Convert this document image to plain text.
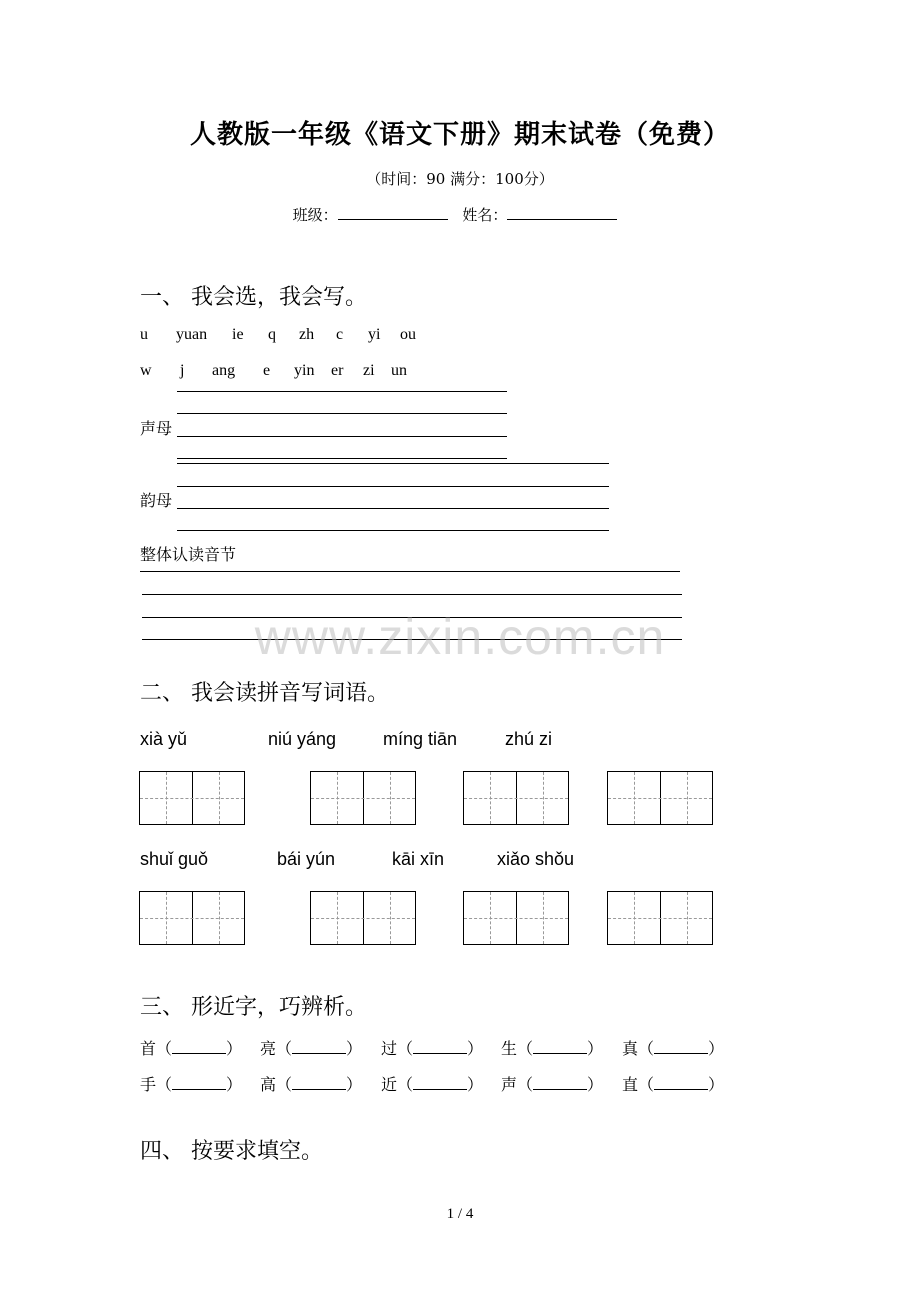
人教版一年级《语文下册》期末试卷（免费）
（时间：90 满分：100分）
班级：	姓名：
一、 我会选，我会写。
u yuan ie q zh c yi ou
w j ang e yin er zi un
声母
韵母
整体认读音节
www.zixin.com.cn
二、 我会读拼音写词语。
xià yǔ	niú yáng	míng tiān	zhú zi
shuǐ guǒ	bái yún	kāi xīn	xiǎo shǒu
三、 形近字，巧辨析。
首（	） 亮（	） 过（	） 生（	） 真（	）
手（	） 高（	） 近（	） 声（	） 直（	）
四、 按要求填空。
1 / 4
